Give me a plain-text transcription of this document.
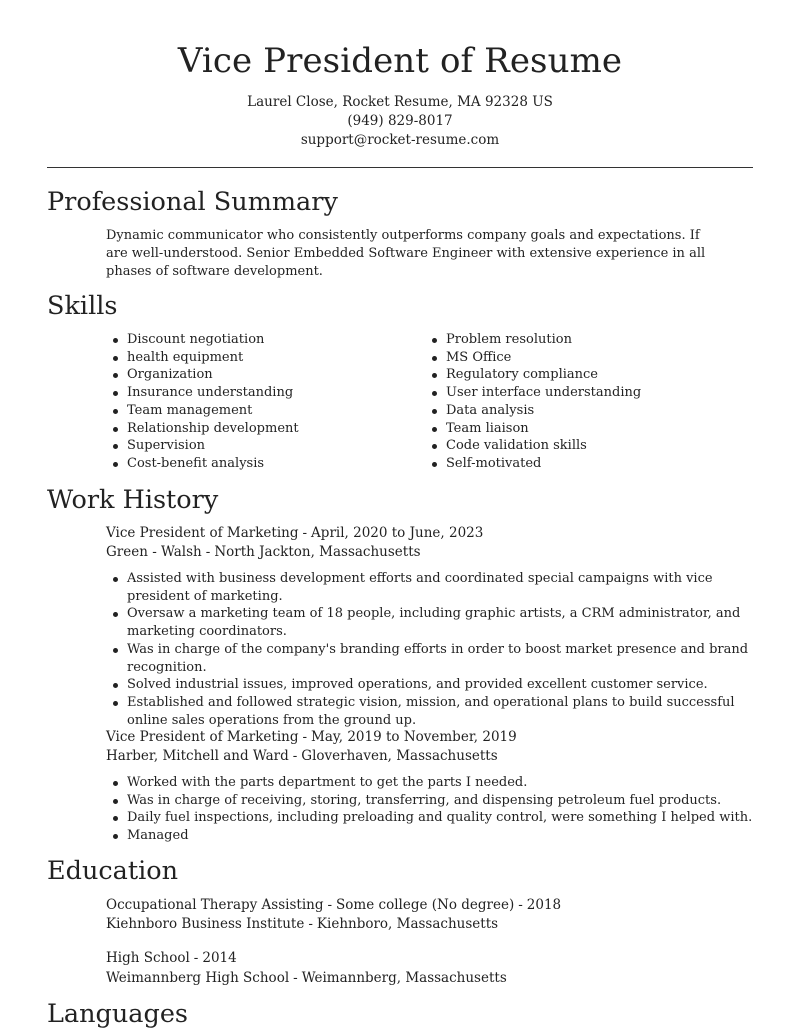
Vice President of Resume
Laurel Close, Rocket Resume, MA 92328 US
(949) 829-8017
support@rocket-resume.com
Professional Summary
Dynamic communicator who consistently outperforms company goals and expectations. If are well-understood. Senior Embedded Software Engineer with extensive experience in all phases of software development.
Skills
Discount negotiation
health equipment
Organization
Insurance understanding
Team management
Relationship development
Supervision
Cost-benefit analysis
Problem resolution
MS Office
Regulatory compliance
User interface understanding
Data analysis
Team liaison
Code validation skills
Self-motivated
Work History
Vice President of Marketing - April, 2020 to June, 2023
Green - Walsh - North Jackton, Massachusetts
Assisted with business development efforts and coordinated special campaigns with vice president of marketing.
Oversaw a marketing team of 18 people, including graphic artists, a CRM administrator, and marketing coordinators.
Was in charge of the company's branding efforts in order to boost market presence and brand recognition.
Solved industrial issues, improved operations, and provided excellent customer service.
Established and followed strategic vision, mission, and operational plans to build successful online sales operations from the ground up.
Vice President of Marketing - May, 2019 to November, 2019
Harber, Mitchell and Ward - Gloverhaven, Massachusetts
Worked with the parts department to get the parts I needed.
Was in charge of receiving, storing, transferring, and dispensing petroleum fuel products.
Daily fuel inspections, including preloading and quality control, were something I helped with.
Managed
Education
Occupational Therapy Assisting - Some college (No degree) - 2018
Kiehnboro Business Institute - Kiehnboro, Massachusetts
High School - 2014
Weimannberg High School - Weimannberg, Massachusetts
Languages
